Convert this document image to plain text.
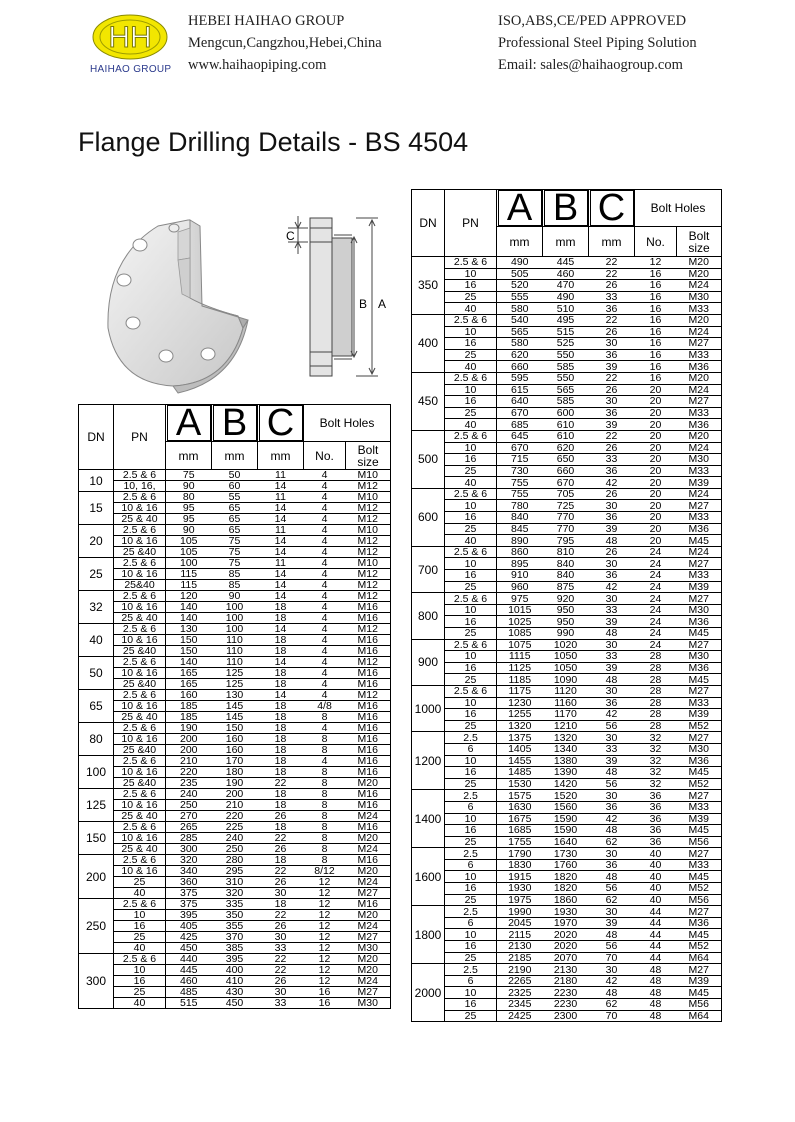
HH
HAIHAO GROUP
HEBEI HAIHAO GROUP
Mengcun,Cangzhou,Hebei,China
www.haihaopiping.com
ISO,ABS,CE/PED APPROVED
Professional Steel Piping Solution
Email: sales@haihaogroup.com
Flange Drilling Details - BS 4504
A
B
C
DN	PN	A	B	C	Bolt Holes	
		mm	mm	mm	No.	Bolt size
10	2.5 & 6	75	50	11	4	M10
	10, 16,	90	60	14	4	M12
15	2.5 & 6	80	55	11	4	M10
	10 & 16	95	65	14	4	M12
	25 & 40	95	65	14	4	M12
20	2.5 & 6	90	65	11	4	M10
	10 & 16	105	75	14	4	M12
	25 &40	105	75	14	4	M12
25	2.5 & 6	100	75	11	4	M10
	10 & 16	115	85	14	4	M12
	25&40	115	85	14	4	M12
32	2.5 & 6	120	90	14	4	M12
	10 & 16	140	100	18	4	M16
	25 & 40	140	100	18	4	M16
40	2.5 & 6	130	100	14	4	M12
	10 & 16	150	110	18	4	M16
	25 &40	150	110	18	4	M16
50	2.5 & 6	140	110	14	4	M12
	10 & 16	165	125	18	4	M16
	25 &40	165	125	18	4	M16
65	2.5 & 6	160	130	14	4	M12
	10 & 16	185	145	18	4/8	M16
	25 & 40	185	145	18	8	M16
80	2.5 & 6	190	150	18	4	M16
	10 & 16	200	160	18	8	M16
	25 &40	200	160	18	8	M16
100	2.5 & 6	210	170	18	4	M16
	10 & 16	220	180	18	8	M16
	25 &40	235	190	22	8	M20
125	2.5 & 6	240	200	18	8	M16
	10 & 16	250	210	18	8	M16
	25 & 40	270	220	26	8	M24
150	2.5 & 6	265	225	18	8	M16
	10 & 16	285	240	22	8	M20
	25 & 40	300	250	26	8	M24
200	2.5 & 6	320	280	18	8	M16
	10 & 16	340	295	22	8/12	M20
	25	360	310	26	12	M24
	40	375	320	30	12	M27
250	2.5 & 6	375	335	18	12	M16
	10	395	350	22	12	M20
	16	405	355	26	12	M24
	25	425	370	30	12	M27
	40	450	385	33	12	M30
300	2.5 & 6	440	395	22	12	M20
	10	445	400	22	12	M20
	16	460	410	26	12	M24
	25	485	430	30	16	M27
	40	515	450	33	16	M30
DN	PN	A	B	C	Bolt Holes	
		mm	mm	mm	No.	Bolt size
350	2.5 & 6	490	445	22	12	M20
	10	505	460	22	16	M20
	16	520	470	26	16	M24
	25	555	490	33	16	M30
	40	580	510	36	16	M33
400	2.5 & 6	540	495	22	16	M20
	10	565	515	26	16	M24
	16	580	525	30	16	M27
	25	620	550	36	16	M33
	40	660	585	39	16	M36
450	2.5 & 6	595	550	22	16	M20
	10	615	565	26	20	M24
	16	640	585	30	20	M27
	25	670	600	36	20	M33
	40	685	610	39	20	M36
500	2.5 & 6	645	610	22	20	M20
	10	670	620	26	20	M24
	16	715	650	33	20	M30
	25	730	660	36	20	M33
	40	755	670	42	20	M39
600	2.5 & 6	755	705	26	20	M24
	10	780	725	30	20	M27
	16	840	770	36	20	M33
	25	845	770	39	20	M36
	40	890	795	48	20	M45
700	2.5 & 6	860	810	26	24	M24
	10	895	840	30	24	M27
	16	910	840	36	24	M33
	25	960	875	42	24	M39
800	2.5 & 6	975	920	30	24	M27
	10	1015	950	33	24	M30
	16	1025	950	39	24	M36
	25	1085	990	48	24	M45
900	2.5 & 6	1075	1020	30	24	M27
	10	1115	1050	33	28	M30
	16	1125	1050	39	28	M36
	25	1185	1090	48	28	M45
1000	2.5 & 6	1175	1120	30	28	M27
	10	1230	1160	36	28	M33
	16	1255	1170	42	28	M39
	25	1320	1210	56	28	M52
1200	2.5	1375	1320	30	32	M27
	6	1405	1340	33	32	M30
	10	1455	1380	39	32	M36
	16	1485	1390	48	32	M45
	25	1530	1420	56	32	M52
1400	2.5	1575	1520	30	36	M27
	6	1630	1560	36	36	M33
	10	1675	1590	42	36	M39
	16	1685	1590	48	36	M45
	25	1755	1640	62	36	M56
1600	2.5	1790	1730	30	40	M27
	6	1830	1760	36	40	M33
	10	1915	1820	48	40	M45
	16	1930	1820	56	40	M52
	25	1975	1860	62	40	M56
1800	2.5	1990	1930	30	44	M27
	6	2045	1970	39	44	M36
	10	2115	2020	48	44	M45
	16	2130	2020	56	44	M52
	25	2185	2070	70	44	M64
2000	2.5	2190	2130	30	48	M27
	6	2265	2180	42	48	M39
	10	2325	2230	48	48	M45
	16	2345	2230	62	48	M56
	25	2425	2300	70	48	M64
